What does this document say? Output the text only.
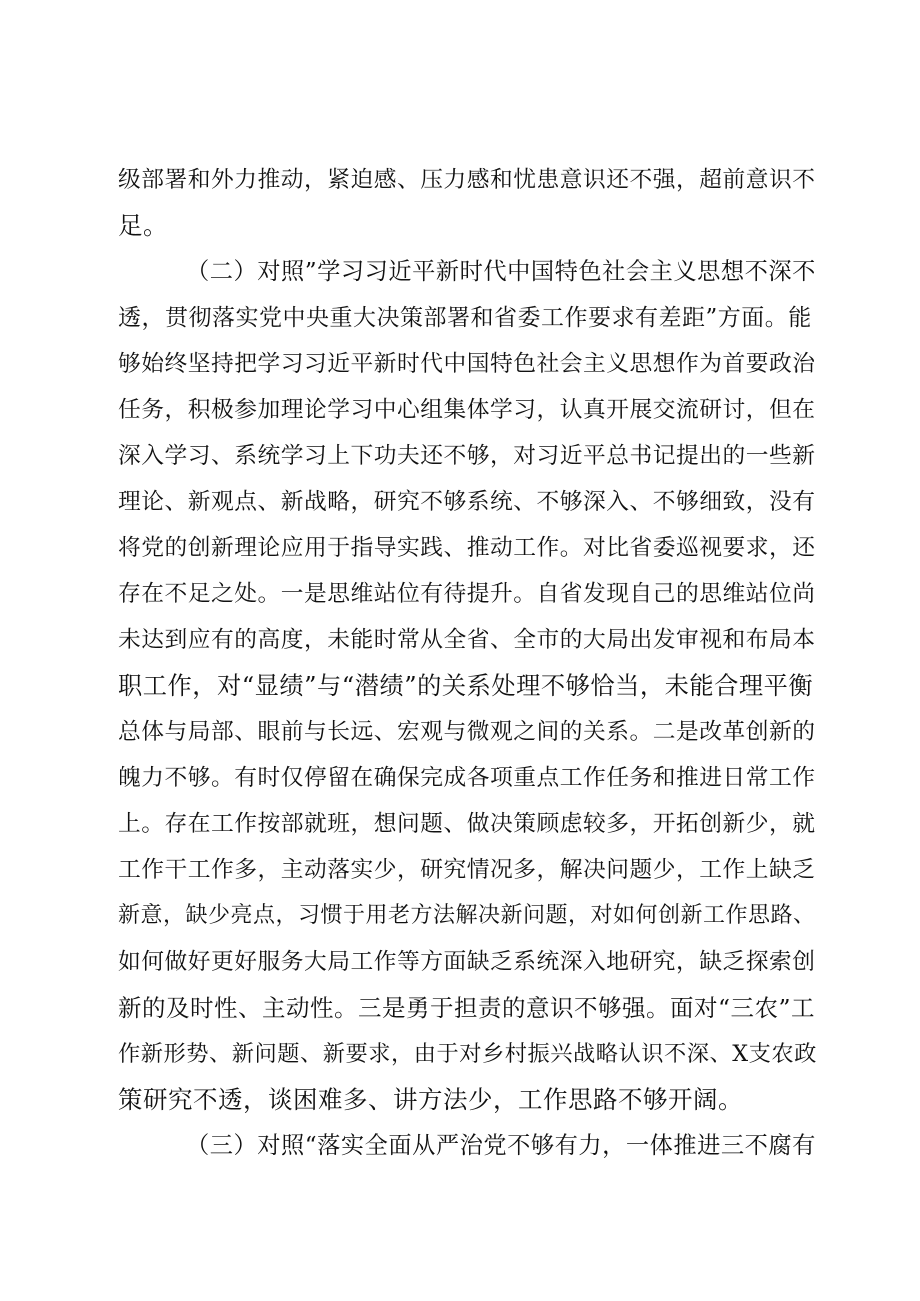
级部署和外力推动，紧迫感、压力感和忧患意识还不强，超前意识不
足。
（二）对照”学习习近平新时代中国特色社会主义思想不深不
透，贯彻落实党中央重大决策部署和省委工作要求有差距”方面。能
够始终坚持把学习习近平新时代中国特色社会主义思想作为首要政治
任务，积极参加理论学习中心组集体学习，认真开展交流研讨，但在
深入学习、系统学习上下功夫还不够，对习近平总书记提出的一些新
理论、新观点、新战略，研究不够系统、不够深入、不够细致，没有
将党的创新理论应用于指导实践、推动工作。对比省委巡视要求，还
存在不足之处。一是思维站位有待提升。自省发现自己的思维站位尚
未达到应有的高度，未能时常从全省、全市的大局出发审视和布局本
职工作，对“显绩”与“潜绩”的关系处理不够恰当，未能合理平衡
总体与局部、眼前与长远、宏观与微观之间的关系。二是改革创新的
魄力不够。有时仅停留在确保完成各项重点工作任务和推进日常工作
上。存在工作按部就班，想问题、做决策顾虑较多，开拓创新少，就
工作干工作多，主动落实少，研究情况多，解决问题少，工作上缺乏
新意，缺少亮点，习惯于用老方法解决新问题，对如何创新工作思路、
如何做好更好服务大局工作等方面缺乏系统深入地研究，缺乏探索创
新的及时性、主动性。三是勇于担责的意识不够强。面对“三农”工
作新形势、新问题、新要求，由于对乡村振兴战略认识不深、X支农政
策研究不透，谈困难多、讲方法少，工作思路不够开阔。
（三）对照“落实全面从严治党不够有力，一体推进三不腐有
